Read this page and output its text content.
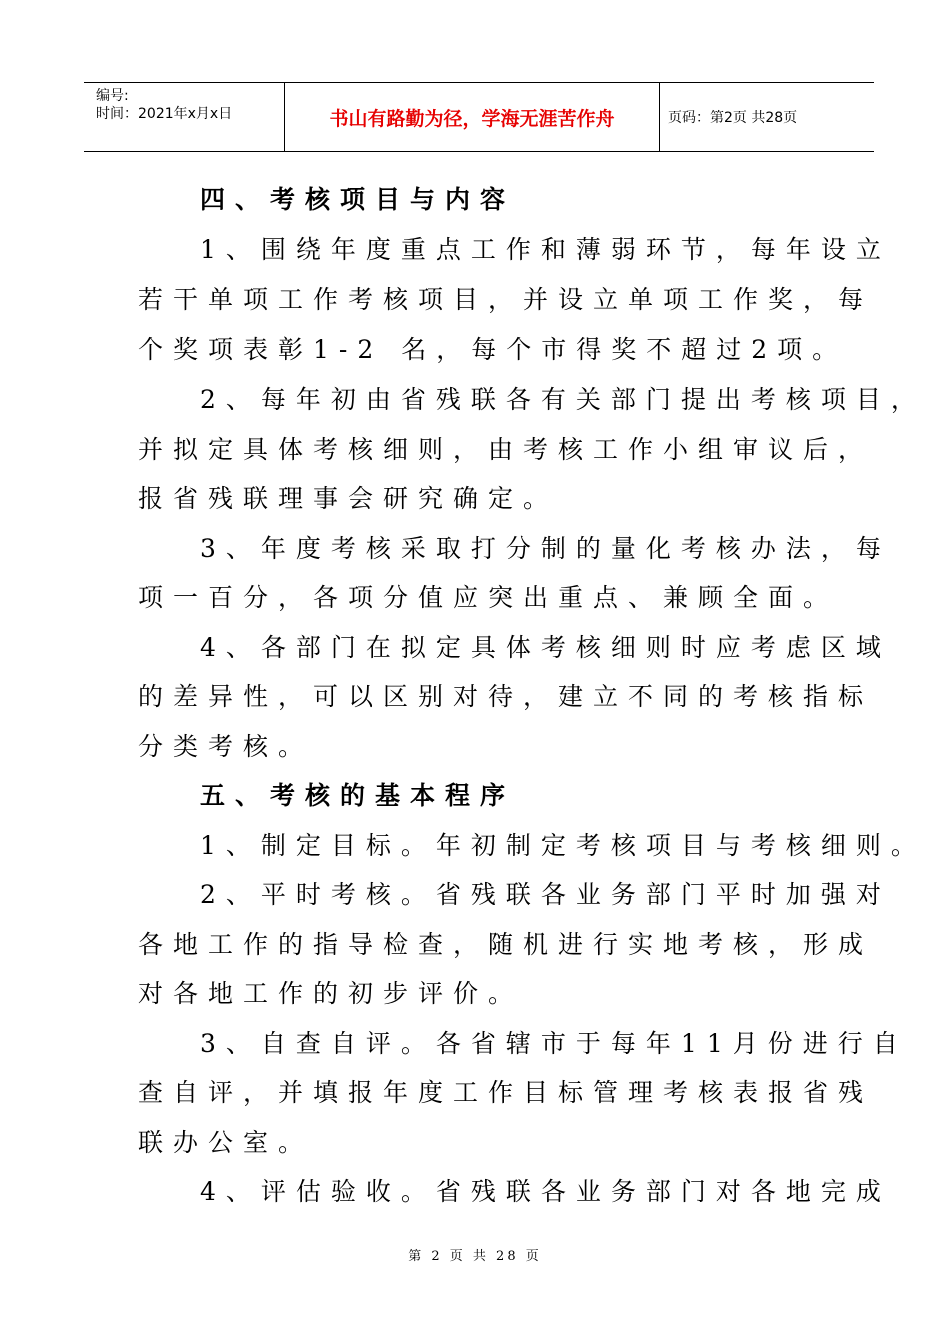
编号:
时间：2021年x月x日	书山有路勤为径，学海无涯苦作舟	页码：第2页 共28页
四、考核项目与内容
1、围绕年度重点工作和薄弱环节，每年设立
若干单项工作考核项目，并设立单项工作奖，每
个奖项表彰1-2 名，每个市得奖不超过2项。
2、每年初由省残联各有关部门提出考核项目，
并拟定具体考核细则，由考核工作小组审议后，
报省残联理事会研究确定。
3、年度考核采取打分制的量化考核办法，每
项一百分，各项分值应突出重点、兼顾全面。
4、各部门在拟定具体考核细则时应考虑区域
的差异性，可以区别对待，建立不同的考核指标
分类考核。
五、考核的基本程序
1、制定目标。年初制定考核项目与考核细则。
2、平时考核。省残联各业务部门平时加强对
各地工作的指导检查，随机进行实地考核，形成
对各地工作的初步评价。
3、自查自评。各省辖市于每年11月份进行自
查自评，并填报年度工作目标管理考核表报省残
联办公室。
4、评估验收。省残联各业务部门对各地完成
第 2 页 共 28 页
